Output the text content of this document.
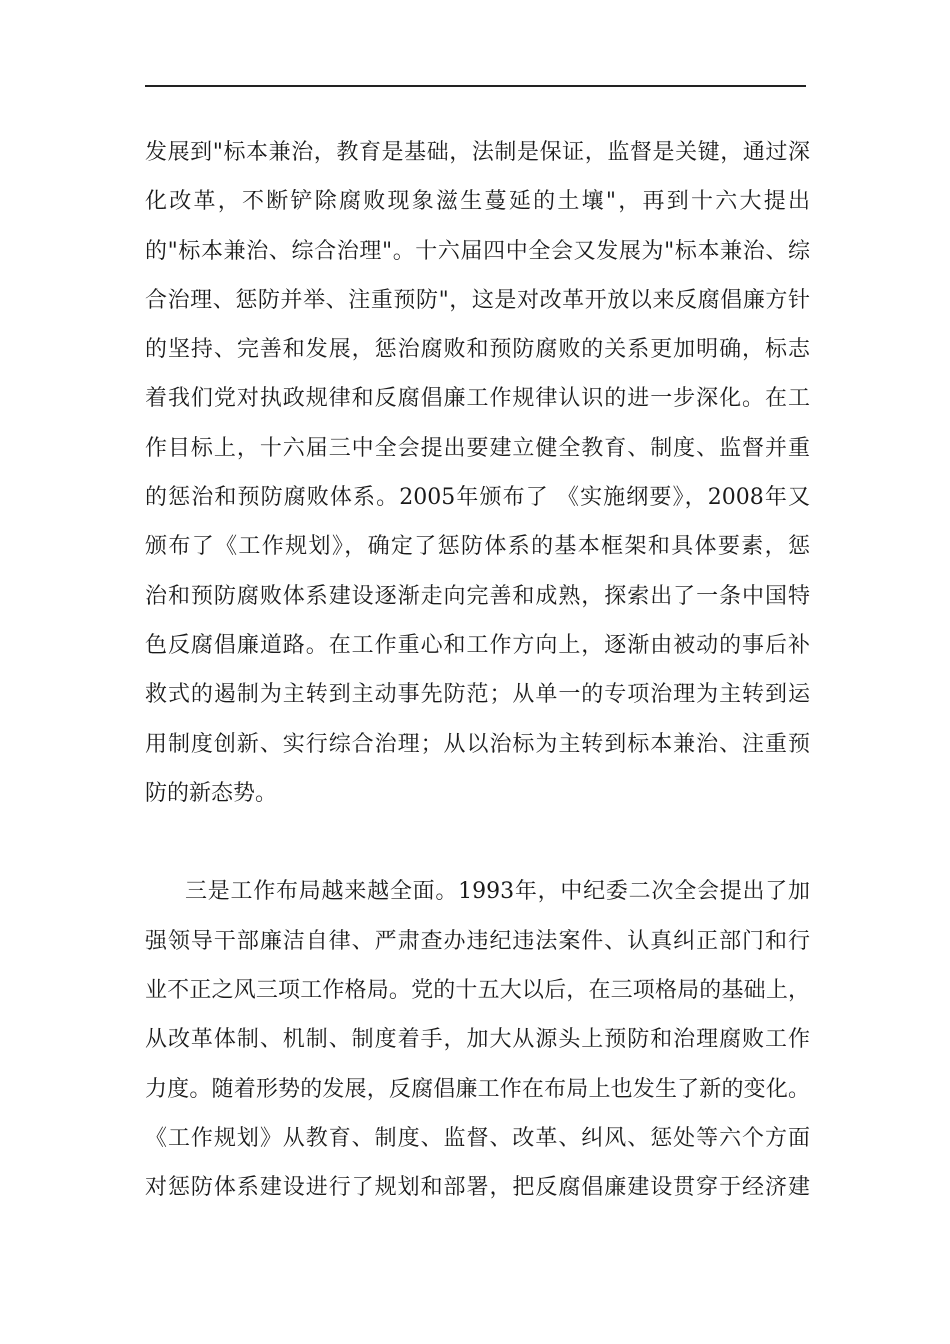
发展到"标本兼治，教育是基础，法制是保证，监督是关键，通过深
化改革，不断铲除腐败现象滋生蔓延的土壤"，再到十六大提出
的"标本兼治、综合治理"。十六届四中全会又发展为"标本兼治、综
合治理、惩防并举、注重预防"，这是对改革开放以来反腐倡廉方针
的坚持、完善和发展，惩治腐败和预防腐败的关系更加明确，标志
着我们党对执政规律和反腐倡廉工作规律认识的进一步深化。在工
作目标上，十六届三中全会提出要建立健全教育、制度、监督并重
的惩治和预防腐败体系。2005年颁布了 《实施纲要》，2008年又
颁布了《工作规划》，确定了惩防体系的基本框架和具体要素，惩
治和预防腐败体系建设逐渐走向完善和成熟，探索出了一条中国特
色反腐倡廉道路。在工作重心和工作方向上，逐渐由被动的事后补
救式的遏制为主转到主动事先防范；从单一的专项治理为主转到运
用制度创新、实行综合治理；从以治标为主转到标本兼治、注重预
防的新态势。
三是工作布局越来越全面。1993年，中纪委二次全会提出了加
强领导干部廉洁自律、严肃查办违纪违法案件、认真纠正部门和行
业不正之风三项工作格局。党的十五大以后，在三项格局的基础上，
从改革体制、机制、制度着手，加大从源头上预防和治理腐败工作
力度。随着形势的发展，反腐倡廉工作在布局上也发生了新的变化。
《工作规划》从教育、制度、监督、改革、纠风、惩处等六个方面
对惩防体系建设进行了规划和部署，把反腐倡廉建设贯穿于经济建
